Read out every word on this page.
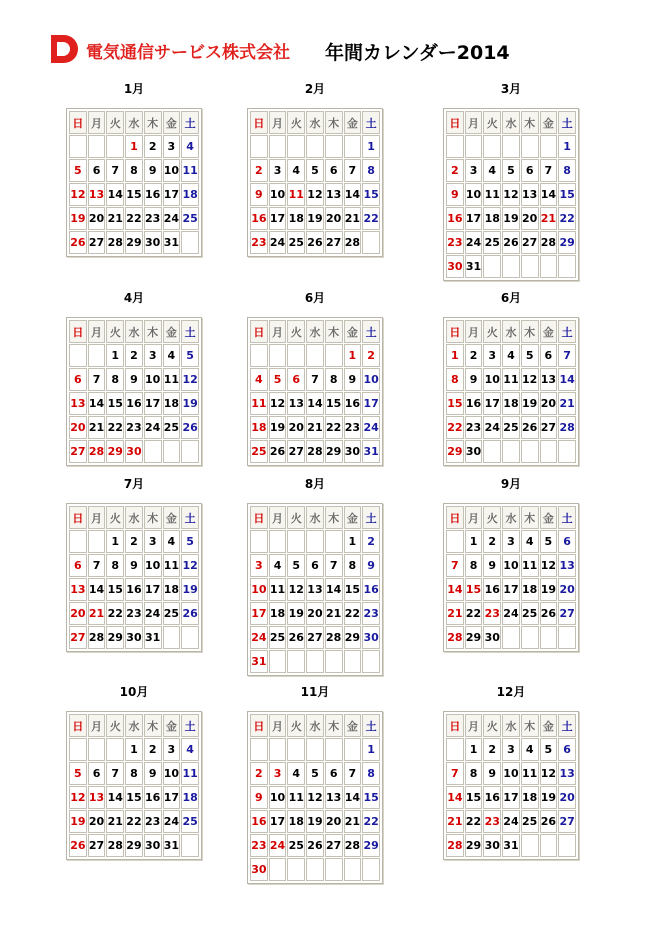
電気通信サービス株式会社 年間カレンダー2014
1月
日	月	火	水	木	金	土
			1	2	3	4
5	6	7	8	9	10	11
12	13	14	15	16	17	18
19	20	21	22	23	24	25
26	27	28	29	30	31	
2月
日	月	火	水	木	金	土
						1
2	3	4	5	6	7	8
9	10	11	12	13	14	15
16	17	18	19	20	21	22
23	24	25	26	27	28	
3月
日	月	火	水	木	金	土
						1
2	3	4	5	6	7	8
9	10	11	12	13	14	15
16	17	18	19	20	21	22
23	24	25	26	27	28	29
30	31					
4月
日	月	火	水	木	金	土
		1	2	3	4	5
6	7	8	9	10	11	12
13	14	15	16	17	18	19
20	21	22	23	24	25	26
27	28	29	30			
6月
日	月	火	水	木	金	土
					1	2
4	5	6	7	8	9	10
11	12	13	14	15	16	17
18	19	20	21	22	23	24
25	26	27	28	29	30	31
6月
日	月	火	水	木	金	土
1	2	3	4	5	6	7
8	9	10	11	12	13	14
15	16	17	18	19	20	21
22	23	24	25	26	27	28
29	30					
7月
日	月	火	水	木	金	土
		1	2	3	4	5
6	7	8	9	10	11	12
13	14	15	16	17	18	19
20	21	22	23	24	25	26
27	28	29	30	31		
8月
日	月	火	水	木	金	土
					1	2
3	4	5	6	7	8	9
10	11	12	13	14	15	16
17	18	19	20	21	22	23
24	25	26	27	28	29	30
31						
9月
日	月	火	水	木	金	土
	1	2	3	4	5	6
7	8	9	10	11	12	13
14	15	16	17	18	19	20
21	22	23	24	25	26	27
28	29	30				
10月
日	月	火	水	木	金	土
			1	2	3	4
5	6	7	8	9	10	11
12	13	14	15	16	17	18
19	20	21	22	23	24	25
26	27	28	29	30	31	
11月
日	月	火	水	木	金	土
						1
2	3	4	5	6	7	8
9	10	11	12	13	14	15
16	17	18	19	20	21	22
23	24	25	26	27	28	29
30						
12月
日	月	火	水	木	金	土
	1	2	3	4	5	6
7	8	9	10	11	12	13
14	15	16	17	18	19	20
21	22	23	24	25	26	27
28	29	30	31			
